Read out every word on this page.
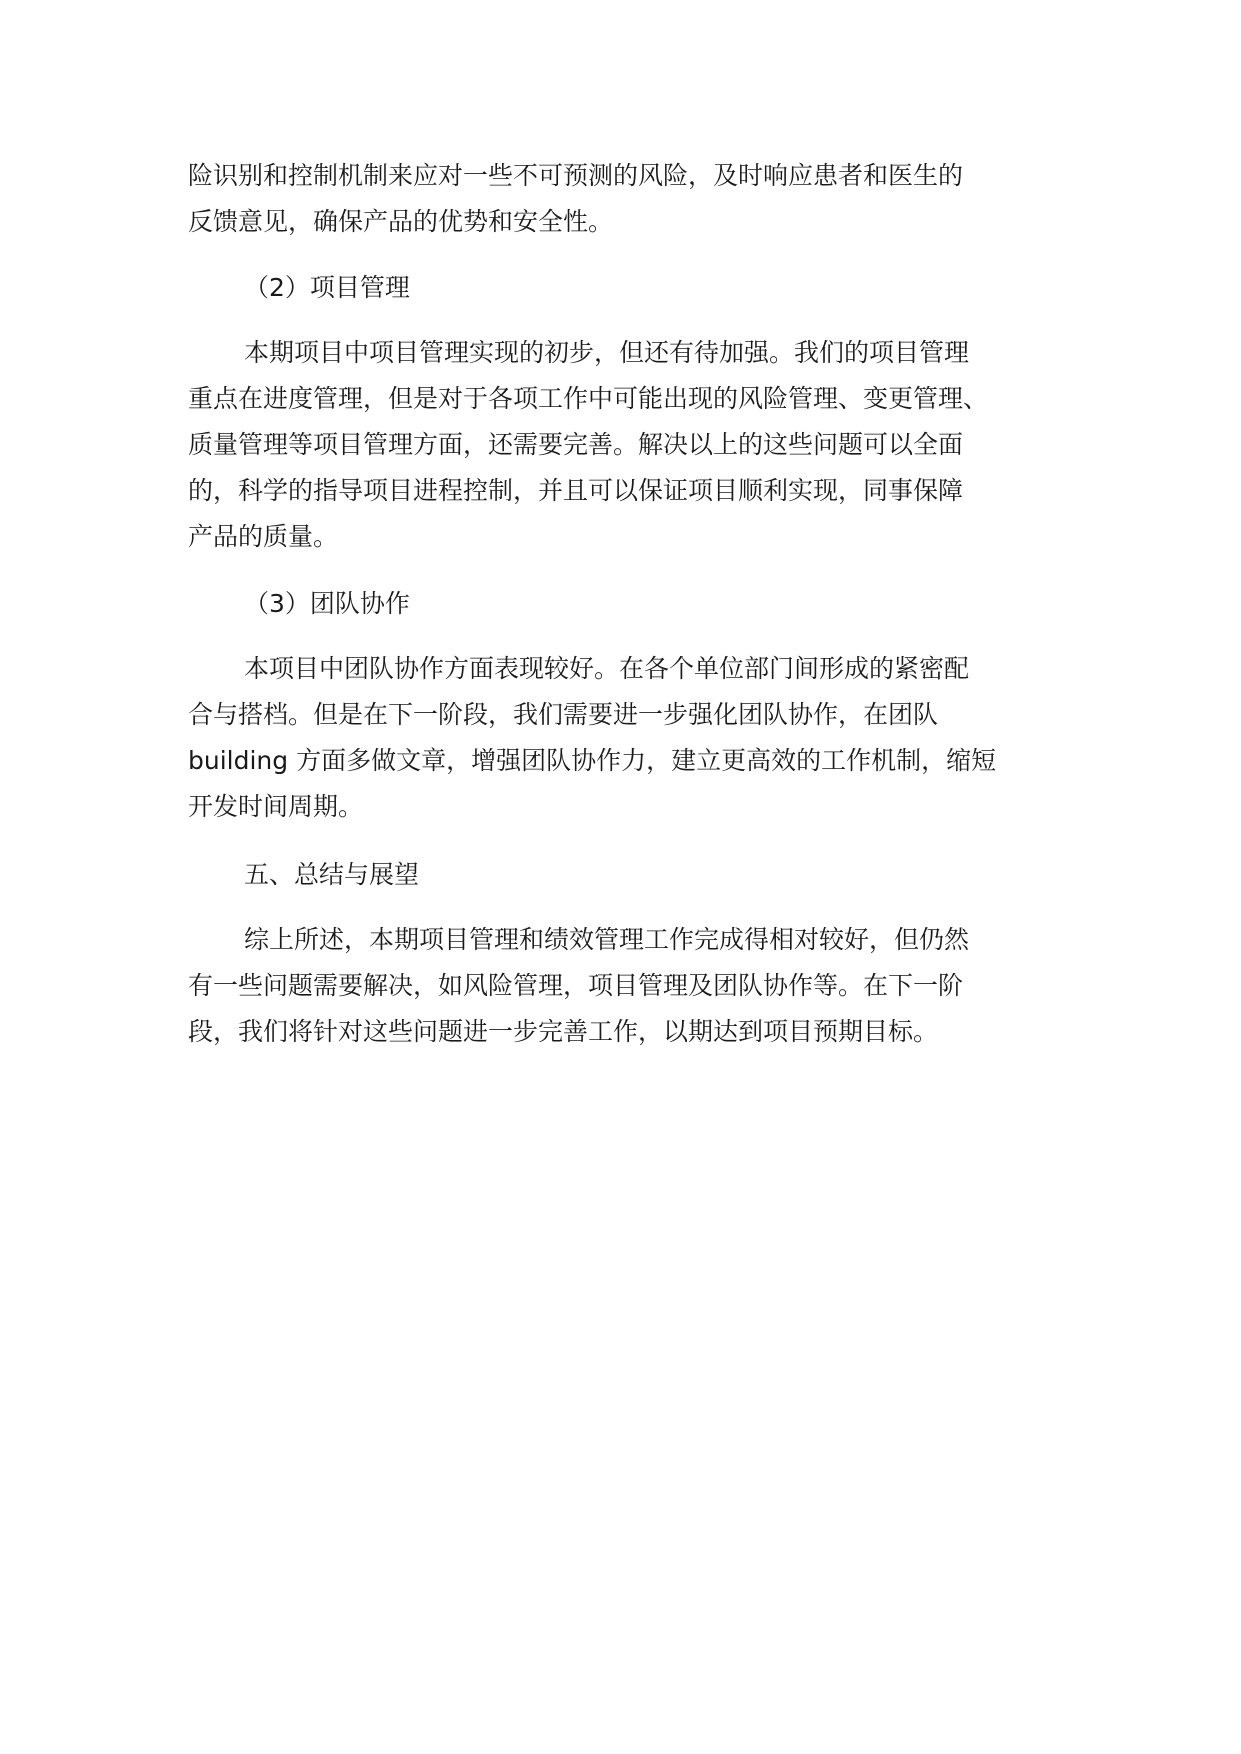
险识别和控制机制来应对一些不可预测的风险，及时响应患者和医生的
反馈意见，确保产品的优势和安全性。
（2）项目管理
本期项目中项目管理实现的初步，但还有待加强。我们的项目管理
重点在进度管理，但是对于各项工作中可能出现的风险管理、变更管理、
质量管理等项目管理方面，还需要完善。解决以上的这些问题可以全面
的，科学的指导项目进程控制，并且可以保证项目顺利实现，同事保障
产品的质量。
（3）团队协作
本项目中团队协作方面表现较好。在各个单位部门间形成的紧密配
合与搭档。但是在下一阶段，我们需要进一步强化团队协作，在团队
building 方面多做文章，增强团队协作力，建立更高效的工作机制，缩短
开发时间周期。
五、总结与展望
综上所述，本期项目管理和绩效管理工作完成得相对较好，但仍然
有一些问题需要解决，如风险管理，项目管理及团队协作等。在下一阶
段，我们将针对这些问题进一步完善工作，以期达到项目预期目标。
